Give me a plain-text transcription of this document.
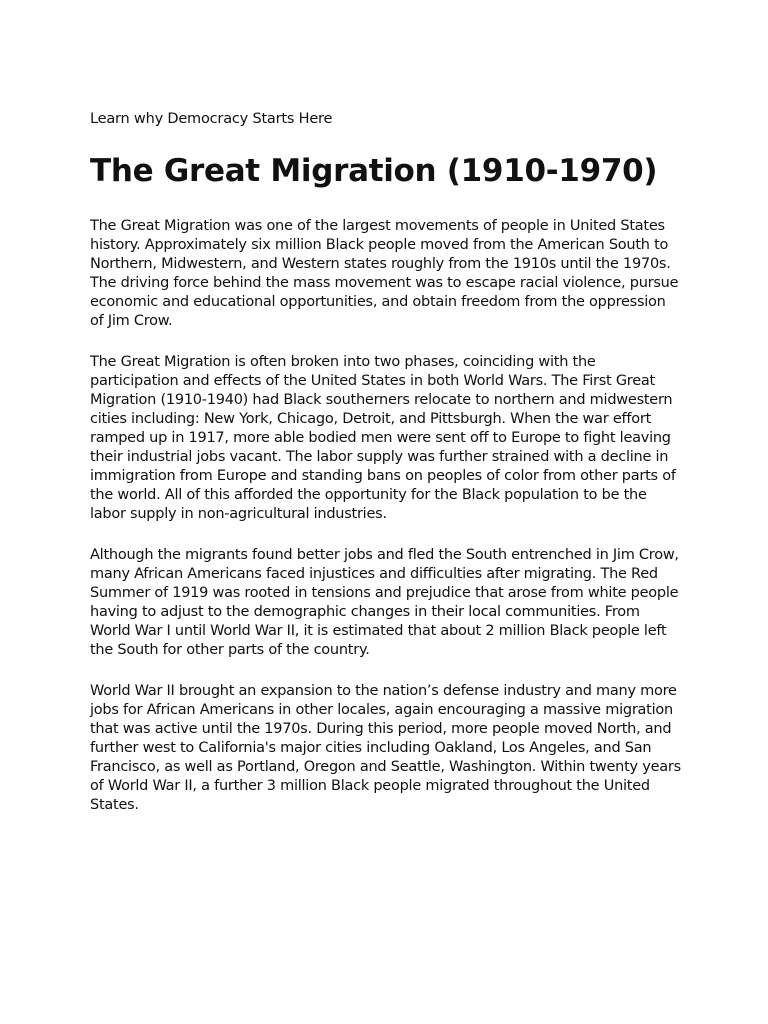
Learn why Democracy Starts Here

The Great Migration (1910-1970)

The Great Migration was one of the largest movements of people in United States history. Approximately six million Black people moved from the American South to Northern, Midwestern, and Western states roughly from the 1910s until the 1970s. The driving force behind the mass movement was to escape racial violence, pursue economic and educational opportunities, and obtain freedom from the oppression of Jim Crow.

The Great Migration is often broken into two phases, coinciding with the participation and effects of the United States in both World Wars. The First Great Migration (1910-1940) had Black southerners relocate to northern and midwestern cities including: New York, Chicago, Detroit, and Pittsburgh. When the war effort ramped up in 1917, more able bodied men were sent off to Europe to fight leaving their industrial jobs vacant. The labor supply was further strained with a decline in immigration from Europe and standing bans on peoples of color from other parts of the world. All of this afforded the opportunity for the Black population to be the labor supply in non-agricultural industries.

Although the migrants found better jobs and fled the South entrenched in Jim Crow, many African Americans faced injustices and difficulties after migrating. The Red Summer of 1919 was rooted in tensions and prejudice that arose from white people having to adjust to the demographic changes in their local communities. From World War I until World War II, it is estimated that about 2 million Black people left the South for other parts of the country.

World War II brought an expansion to the nation’s defense industry and many more jobs for African Americans in other locales, again encouraging a massive migration that was active until the 1970s. During this period, more people moved North, and further west to California's major cities including Oakland, Los Angeles, and San Francisco, as well as Portland, Oregon and Seattle, Washington. Within twenty years of World War II, a further 3 million Black people migrated throughout the United States.
